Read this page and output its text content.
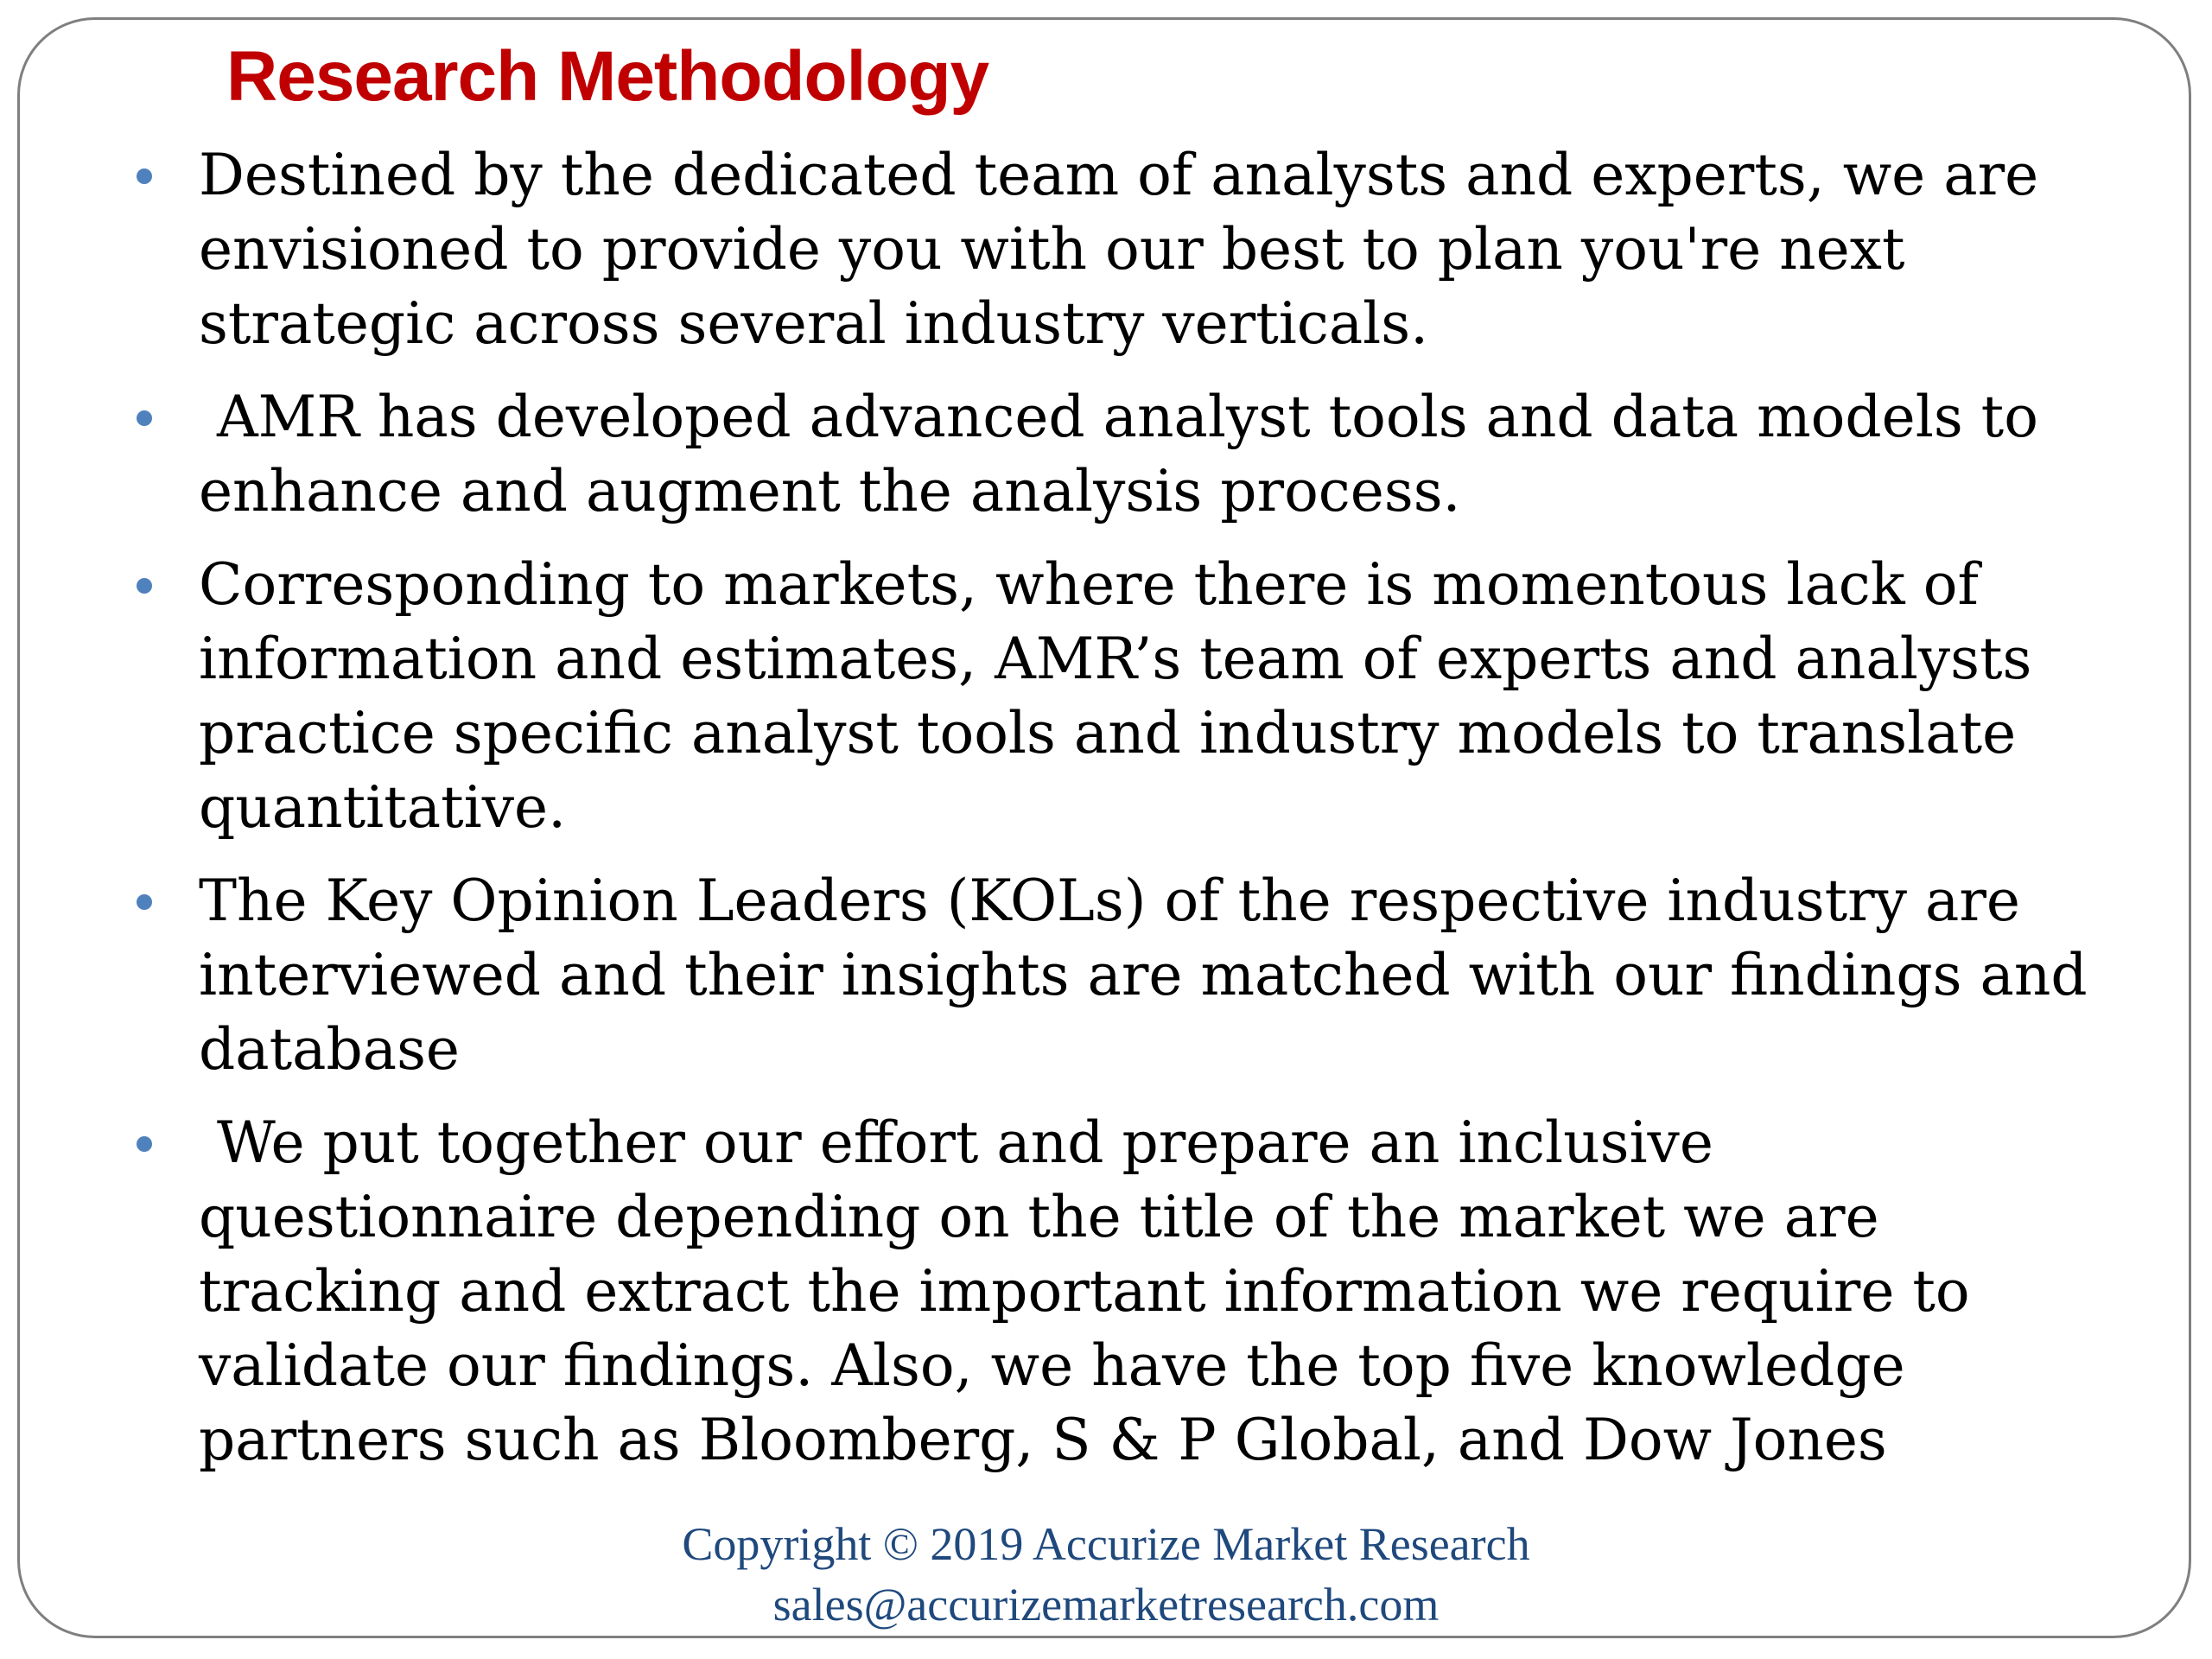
Research Methodology
Destined by the dedicated team of analysts and experts, we are envisioned to provide you with our best to plan you're next strategic across several industry verticals.
AMR has developed advanced analyst tools and data models to enhance and augment the analysis process.
Corresponding to markets, where there is momentous lack of information and estimates, AMR’s team of experts and analysts practice specific analyst tools and industry models to translate quantitative.
The Key Opinion Leaders (KOLs) of the respective industry are interviewed and their insights are matched with our findings and database
We put together our effort and prepare an inclusive questionnaire depending on the title of the market we are tracking and extract the important information we require to validate our findings. Also, we have the top five knowledge partners such as Bloomberg, S & P Global, and Dow Jones
Copyright © 2019 Accurize Market Research
sales@accurizemarketresearch.com
